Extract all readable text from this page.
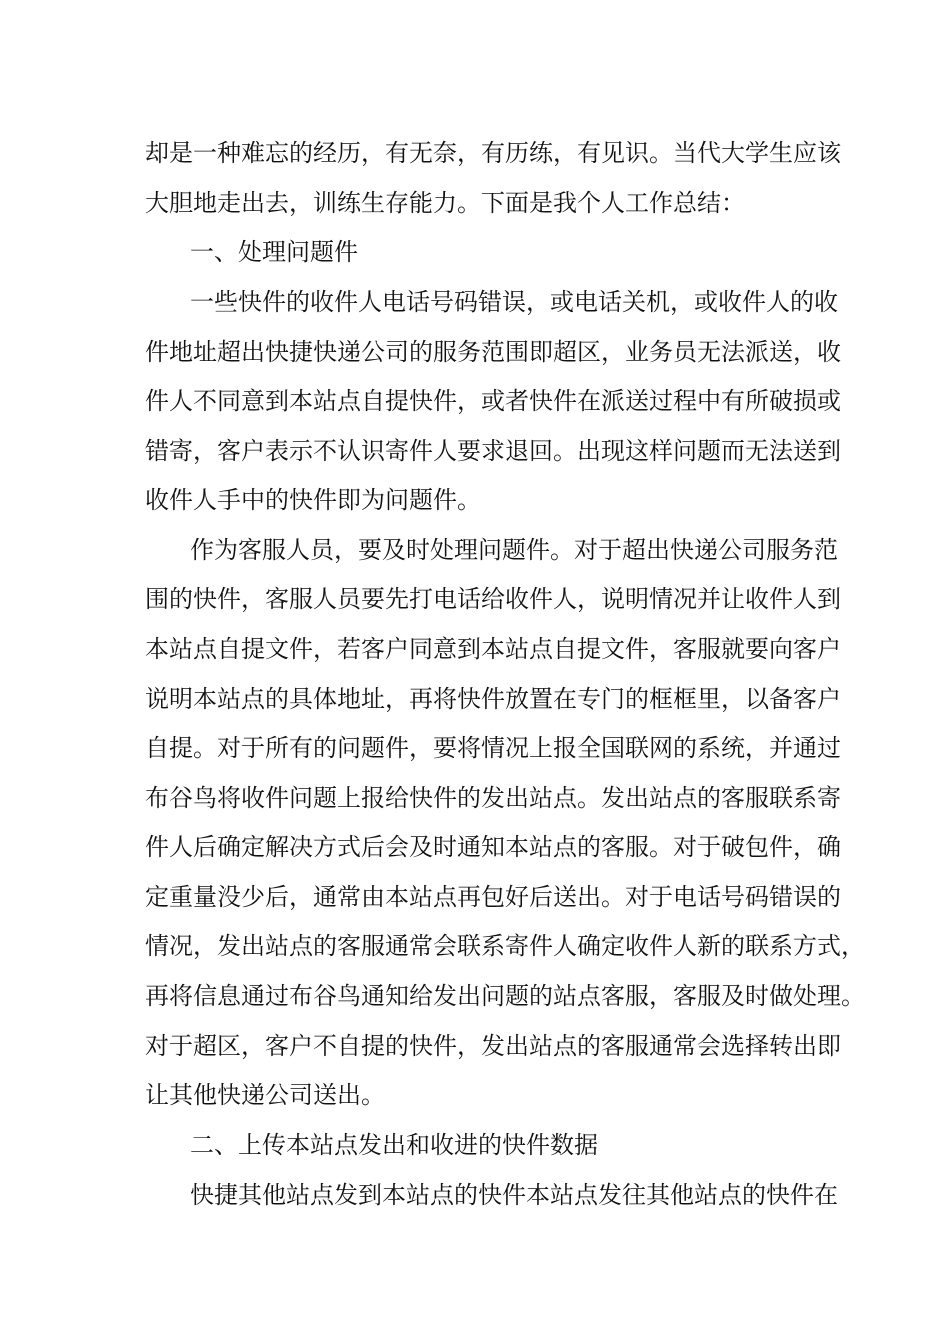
却是一种难忘的经历，有无奈，有历练，有见识。当代大学生应该

大胆地走出去，训练生存能力。下面是我个人工作总结：

一、处理问题件

一些快件的收件人电话号码错误，或电话关机，或收件人的收

件地址超出快捷快递公司的服务范围即超区，业务员无法派送，收

件人不同意到本站点自提快件，或者快件在派送过程中有所破损或

错寄，客户表示不认识寄件人要求退回。出现这样问题而无法送到

收件人手中的快件即为问题件。

作为客服人员，要及时处理问题件。对于超出快递公司服务范

围的快件，客服人员要先打电话给收件人，说明情况并让收件人到

本站点自提文件，若客户同意到本站点自提文件，客服就要向客户

说明本站点的具体地址，再将快件放置在专门的框框里，以备客户

自提。对于所有的问题件，要将情况上报全国联网的系统，并通过

布谷鸟将收件问题上报给快件的发出站点。发出站点的客服联系寄

件人后确定解决方式后会及时通知本站点的客服。对于破包件，确

定重量没少后，通常由本站点再包好后送出。对于电话号码错误的

情况，发出站点的客服通常会联系寄件人确定收件人新的联系方式，

再将信息通过布谷鸟通知给发出问题的站点客服，客服及时做处理。

对于超区，客户不自提的快件，发出站点的客服通常会选择转出即

让其他快递公司送出。

二、上传本站点发出和收进的快件数据

快捷其他站点发到本站点的快件本站点发往其他站点的快件在
